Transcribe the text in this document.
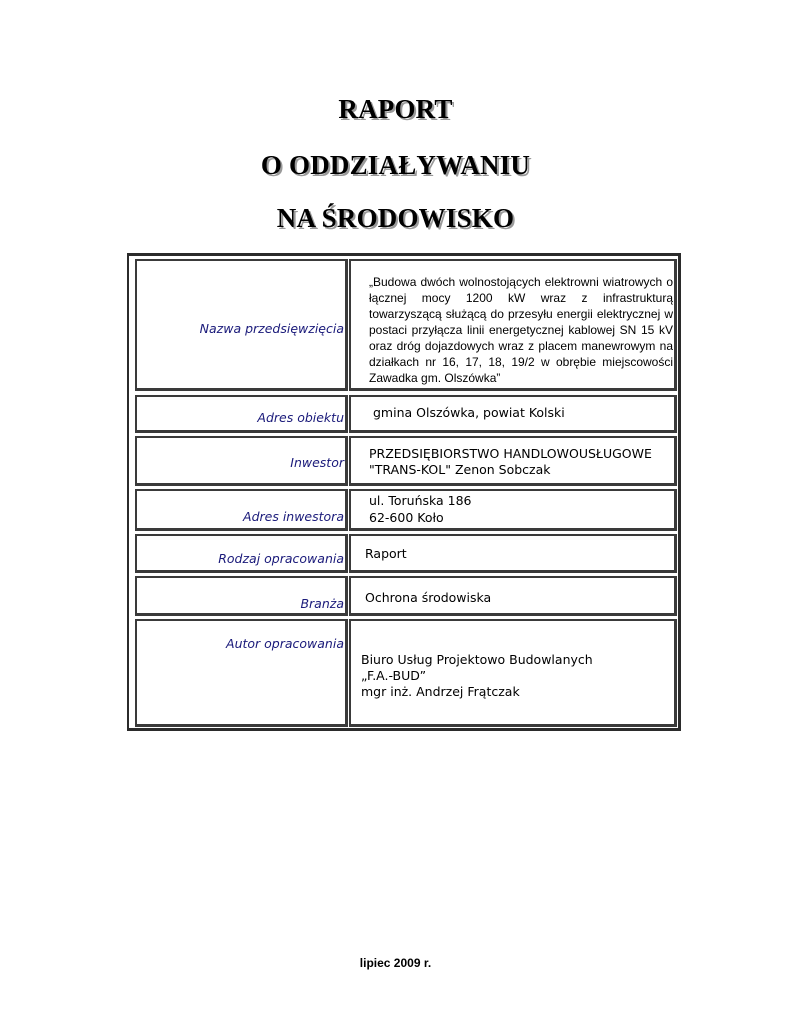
RAPORT
O ODDZIAŁYWANIU
NA ŚRODOWISKO
Nazwa przedsięwzięcia
„Budowa dwóch wolnostojących elektrowni wiatrowych o łącznej mocy 1200 kW wraz z infrastrukturą towarzyszącą służącą do przesyłu energii elektrycznej w postaci przyłącza linii energetycznej kablowej SN 15 kV oraz dróg dojazdowych wraz z placem manewrowym na działkach nr 16, 17, 18, 19/2 w obrębie miejscowości Zawadka gm. Olszówka”
Adres obiektu gmina Olszówka, powiat Kolski
Inwestor
PRZEDSIĘBIORSTWO HANDLOWOUSŁUGOWE
"TRANS-KOL" Zenon Sobczak
Adres inwestora
ul. Toruńska 186
62-600 Koło
Rodzaj opracowania Raport
Branża Ochrona środowiska
Autor opracowania
Biuro Usług Projektowo Budowlanych
„F.A.-BUD”
mgr inż. Andrzej Frątczak
lipiec 2009 r.
